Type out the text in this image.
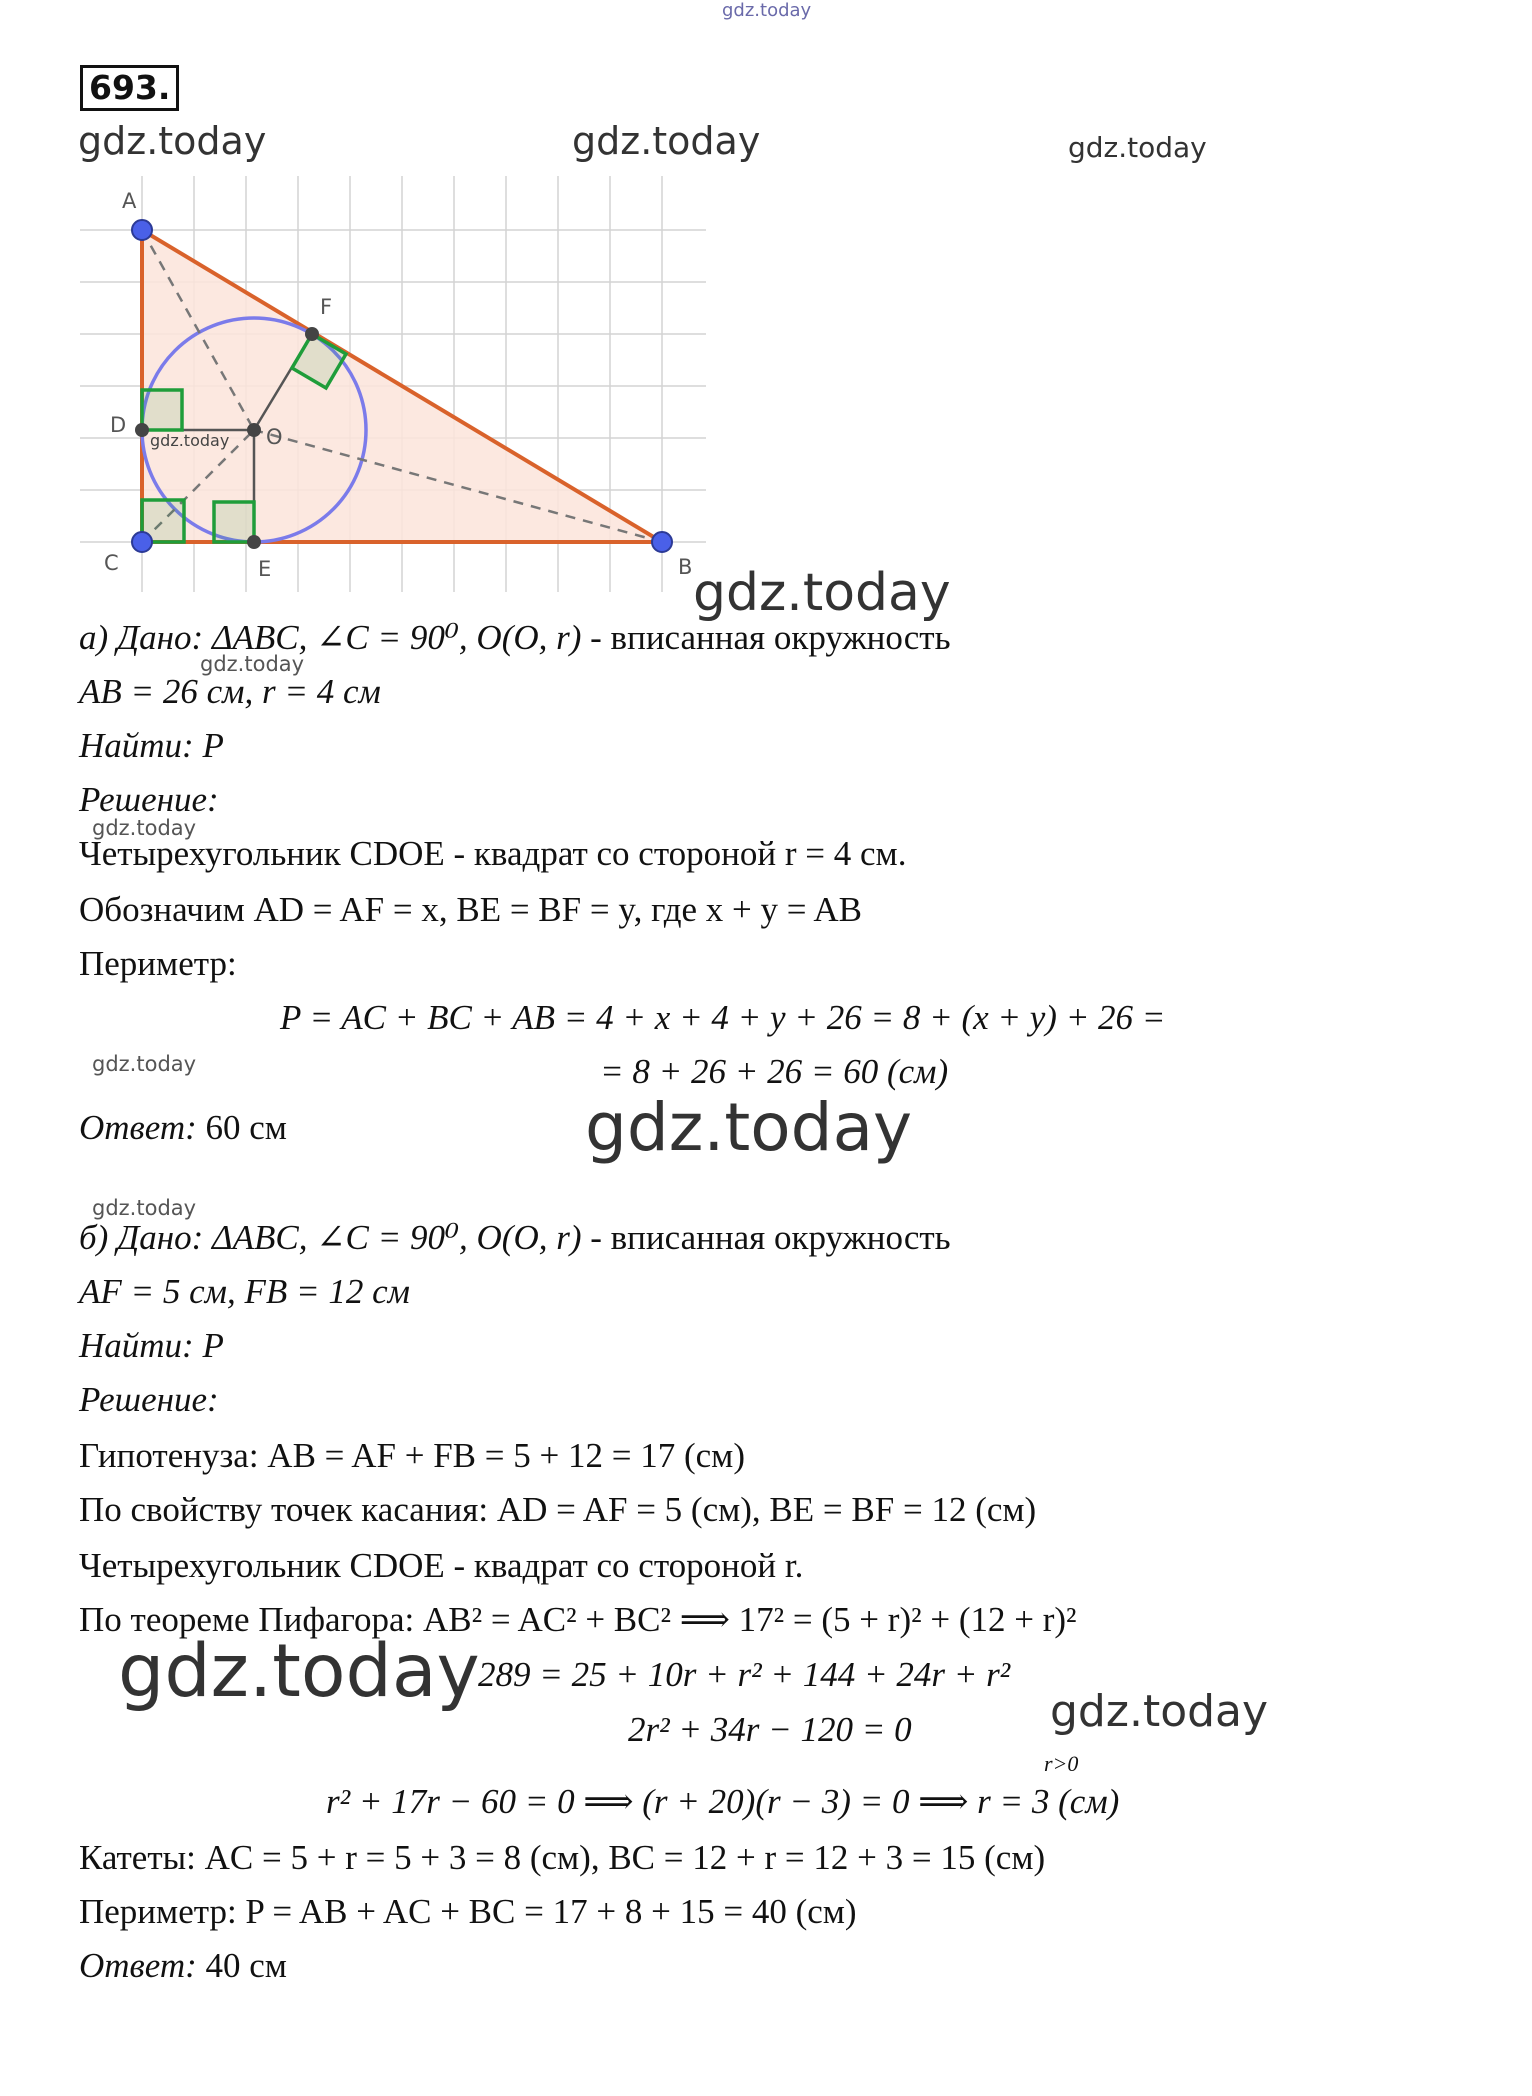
gdz.today
gdz.today	gdz.today	gdz.today
gdz.today
gdz.today
gdz.today
gdz.today
gdz.today
gdz.today
gdz.today	gdz.today
693.
A
B
C
D
E
F
O
gdz.today
а) Дано: ΔABC, ∠C = 90⁰, O(O, r) - вписанная окружность
AB = 26 см, r = 4 см
Найти: P
Решение:
Четырехугольник CDOE - квадрат со стороной r = 4 см.
Обозначим AD = AF = x, BE = BF = y, где x + y = AB
Периметр:
P = AC + BC + AB = 4 + x + 4 + y + 26 = 8 + (x + y) + 26 =
= 8 + 26 + 26 = 60 (см)
Ответ: 60 см
б) Дано: ΔABC, ∠C = 90⁰, O(O, r) - вписанная окружность
AF = 5 см, FB = 12 см
Найти: P
Решение:
Гипотенуза: AB = AF + FB = 5 + 12 = 17 (см)
По свойству точек касания: AD = AF = 5 (см), BE = BF = 12 (см)
Четырехугольник CDOE - квадрат со стороной r.
По теореме Пифагора: AB² = AC² + BC² ⟹ 17² = (5 + r)² + (12 + r)²
289 = 25 + 10r + r² + 144 + 24r + r²
2r² + 34r − 120 = 0
r>0
r² + 17r − 60 = 0 ⟹ (r + 20)(r − 3) = 0 ⟹ r = 3 (см)
Катеты: AC = 5 + r = 5 + 3 = 8 (см), BC = 12 + r = 12 + 3 = 15 (см)
Периметр: P = AB + AC + BC = 17 + 8 + 15 = 40 (см)
Ответ: 40 см
